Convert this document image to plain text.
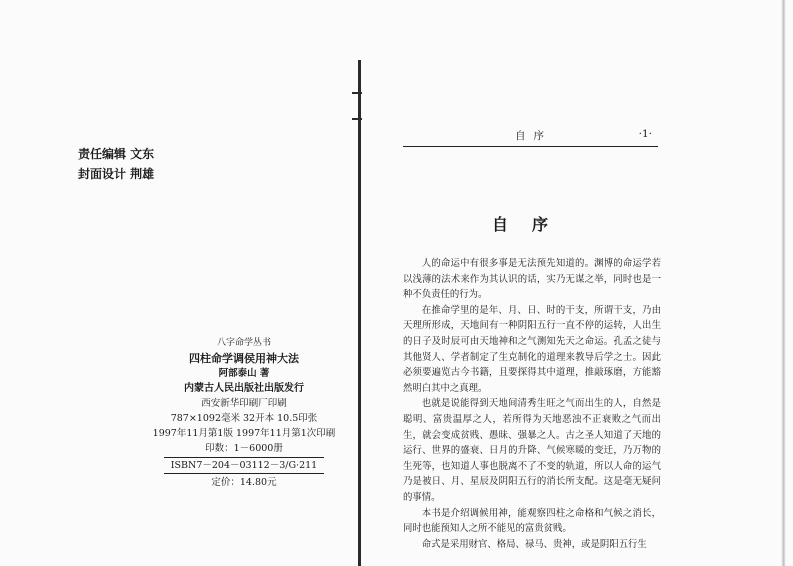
责任编辑 文东
封面设计 荆雄
八字命学丛书
四柱命学调侯用神大法
阿部泰山 著
内蒙古人民出版社出版发行
西安新华印刷厂印刷
787×1092毫米 32开本 10.5印张
1997年11月第1版 1997年11月第1次印刷
印数：1－6000册
ISBN7－204－03112－3/G·211
定价：14.80元
自序	·1·
自序

人的命运中有很多事是无法预先知道的。渊博的命运学若以浅薄的法术来作为其认识的话，实乃无谋之举，同时也是一种不负责任的行为。

在推命学里的是年、月、日、时的干支，所谓干支，乃由天理所形成，天地间有一种阴阳五行一直不停的运转，人出生的日子及时辰可由天地神和之气测知先天之命运。孔孟之徒与其他贤人、学者制定了生克制化的道理来教导后学之士。因此必须要遍览古今书籍，且要探得其中道理，推敲琢磨，方能豁然明白其中之真理。

也就是说能得到天地间清秀生旺之气而出生的人，自然是聪明、富贵温厚之人，若所得为天地恶浊不正衰败之气而出生，就会变成贫贱、愚昧、强暴之人。古之圣人知道了天地的运行、世界的盛衰、日月的升降、气候寒暖的变迁，乃万物的生死等，也知道人事也脱离不了不变的轨道，所以人命的运气乃是被日、月、星辰及阴阳五行的消长所支配。这是毫无疑问的事情。

本书是介绍调候用神，能观察四柱之命格和气候之消长，同时也能预知人之所不能见的富贵贫贱。

命式是采用财官、格局、禄马、贵神，或是阴阳五行生
